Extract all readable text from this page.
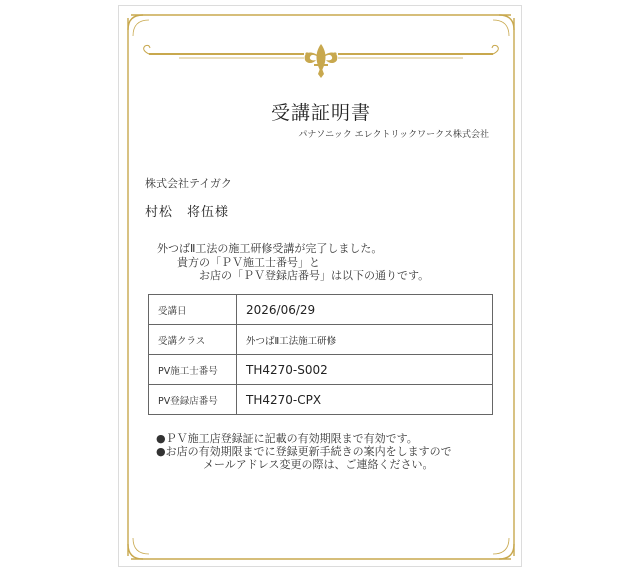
受講証明書
パナソニック エレクトリックワークス株式会社
株式会社テイガク
村松　将伍様
外つばⅡ工法の施工研修受講が完了しました。
貴方の「ＰＶ施工士番号」と
お店の「ＰＶ登録店番号」は以下の通りです。
受講日	2026/06/29
受講クラス	外つばⅡ工法施工研修
PV施工士番号	TH4270-S002
PV登録店番号	TH4270-CPX
●ＰＶ施工店登録証に記載の有効期限まで有効です。
●お店の有効期限までに登録更新手続きの案内をしますので
メールアドレス変更の際は、ご連絡ください。
